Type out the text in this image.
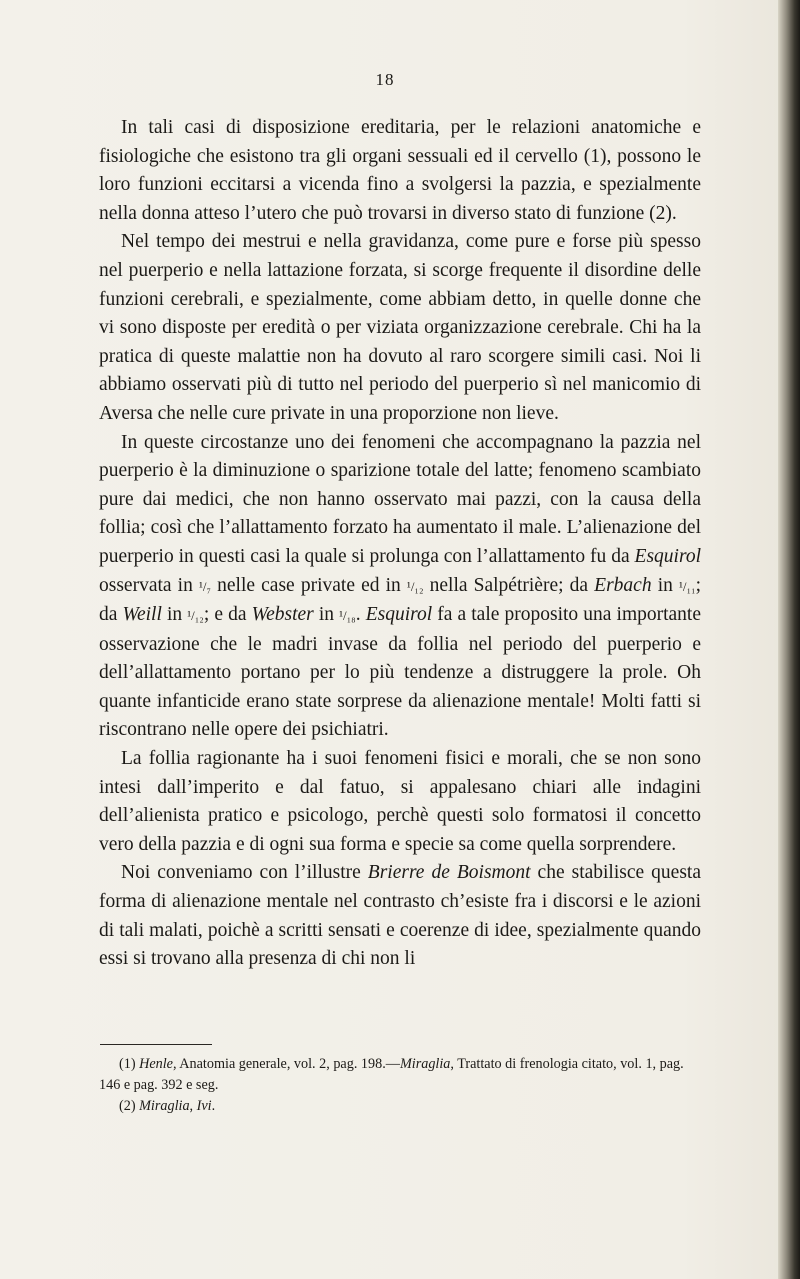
18

In tali casi di disposizione ereditaria, per le relazioni anatomiche e fisiologiche che esistono tra gli organi sessuali ed il cervello (1), possono le loro funzioni eccitarsi a vicenda fino a svolgersi la pazzia, e spezialmente nella donna atteso l’utero che può trovarsi in diverso stato di funzione (2).

Nel tempo dei mestrui e nella gravidanza, come pure e forse più spesso nel puerperio e nella lattazione forzata, si scorge frequente il disordine delle funzioni cerebrali, e spezialmente, come abbiam detto, in quelle donne che vi sono disposte per eredità o per viziata organizzazione cerebrale. Chi ha la pratica di queste malattie non ha dovuto al raro scorgere simili casi. Noi li abbiamo osservati più di tutto nel periodo del puerperio sì nel manicomio di Aversa che nelle cure private in una proporzione non lieve.

In queste circostanze uno dei fenomeni che accompagnano la pazzia nel puerperio è la diminuzione o sparizione totale del latte; fenomeno scambiato pure dai medici, che non hanno osservato mai pazzi, con la causa della follia; così che l’allattamento forzato ha aumentato il male. L’alienazione del puerperio in questi casi la quale si prolunga con l’allattamento fu da Esquirol osservata in ¹/₇ nelle case private ed in ¹/₁₂ nella Salpétrière; da Erbach in ¹/₁₁; da Weill in ¹/₁₂; e da Webster in ¹/₁₈. Esquirol fa a tale proposito una importante osservazione che le madri invase da follia nel periodo del puerperio e dell’allattamento portano per lo più tendenze a distruggere la prole. Oh quante infanticide erano state sorprese da alienazione mentale! Molti fatti si riscontrano nelle opere dei psichiatri.

La follia ragionante ha i suoi fenomeni fisici e morali, che se non sono intesi dall’imperito e dal fatuo, si appalesano chiari alle indagini dell’alienista pratico e psicologo, perchè questi solo formatosi il concetto vero della pazzia e di ogni sua forma e specie sa come quella sorprendere.

Noi conveniamo con l’illustre Brierre de Boismont che stabilisce questa forma di alienazione mentale nel contrasto ch’esiste fra i discorsi e le azioni di tali malati, poichè a scritti sensati e coerenze di idee, spezialmente quando essi si trovano alla presenza di chi non li

(1) Henle, Anatomia generale, vol. 2, pag. 198.—Miraglia, Trattato di frenologia citato, vol. 1, pag. 146 e pag. 392 e seg.

(2) Miraglia, Ivi.
